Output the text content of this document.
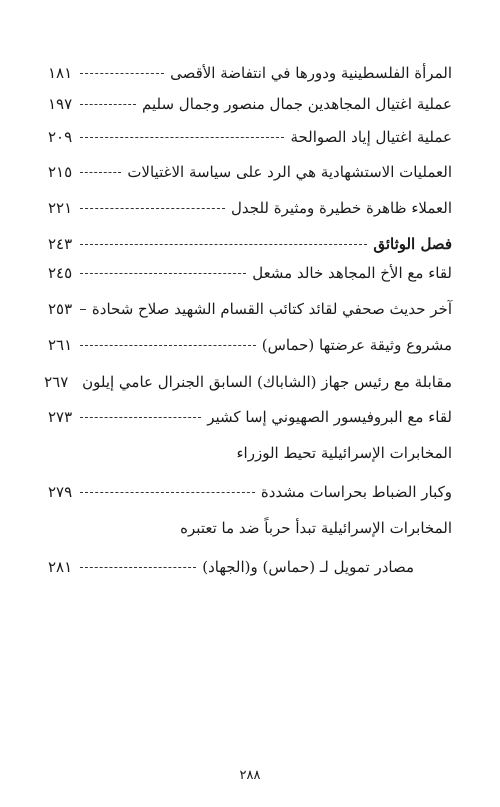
المرأة الفلسطينية ودورها في انتفاضة الأقصى
١٨١
عملية اغتيال المجاهدين جمال منصور وجمال سليم
١٩٧
عملية اغتيال إياد الصوالحة
٢٠٩
العمليات الاستشهادية هي الرد على سياسة الاغتيالات
٢١٥
العملاء ظاهرة خطيرة ومثيرة للجدل
٢٢١
فصل الوثائق
٢٤٣
لقاء مع الأخ المجاهد خالد مشعل
٢٤٥
آخر حديث صحفي لقائد كتائب القسام الشهيد صلاح شحادة
٢٥٣
مشروع وثيقة عرضتها (حماس)
٢٦١
مقابلة مع رئيس جهاز (الشاباك) السابق الجنرال عامي إيلون
٢٦٧
لقاء مع البروفيسور الصهيوني إسا كشير
٢٧٣
المخابرات الإسرائيلية تحيط الوزراء
وكبار الضباط بحراسات مشددة
٢٧٩
المخابرات الإسرائيلية تبدأ حرباً ضد ما تعتبره
مصادر تمويل لـ (حماس) و(الجهاد)
٢٨١
٢٨٨
